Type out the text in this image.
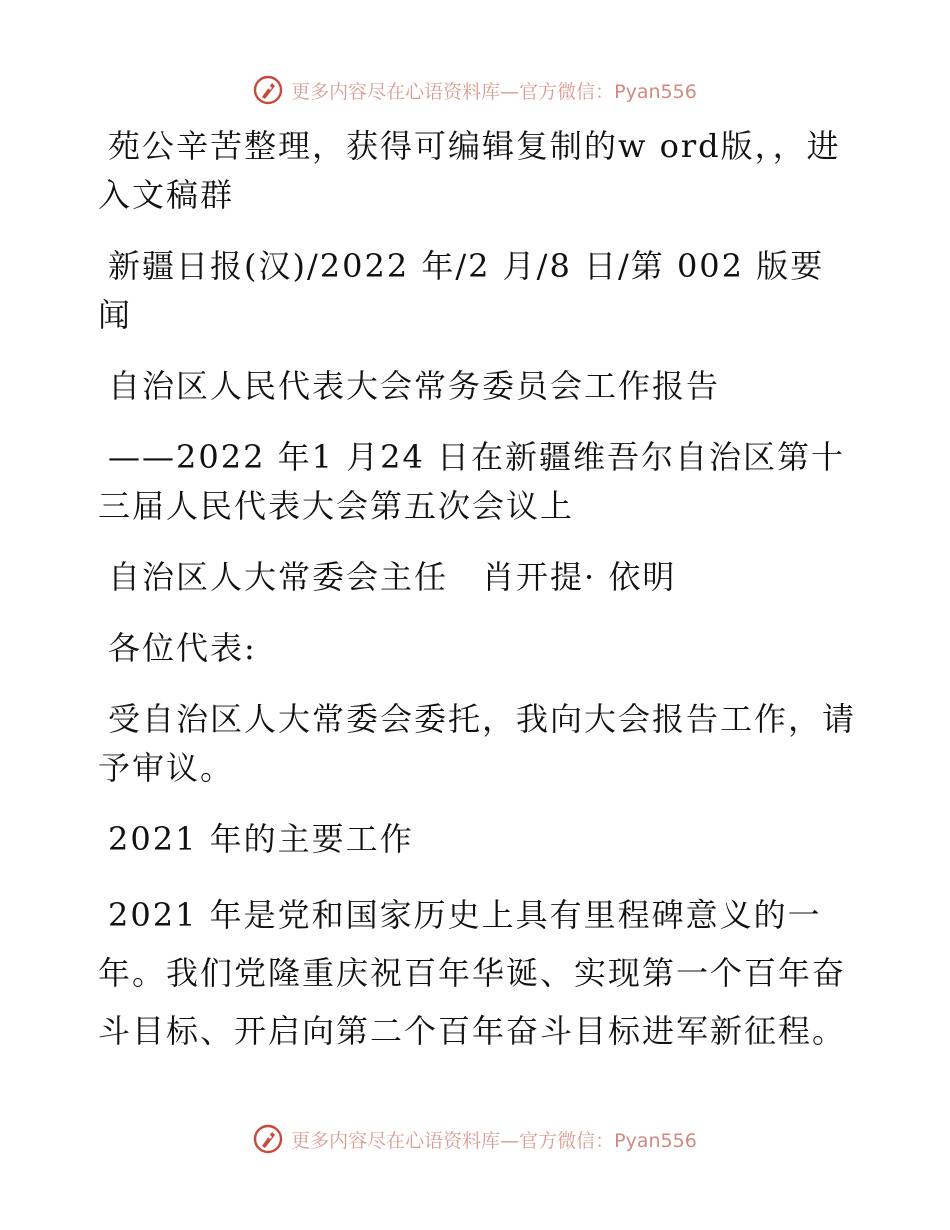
更多内容尽在心语资料库—官方微信：Pyan556

苑公辛苦整理，获得可编辑复制的w ord版，，进入文稿群

新疆日报(汉)/2022 年/2 月/8 日/第 002 版要闻

自治区人民代表大会常务委员会工作报告

——2022 年1 月24 日在新疆维吾尔自治区第十三届人民代表大会第五次会议上

自治区人大常委会主任　肖开提· 依明

各位代表:

受自治区人大常委会委托，我向大会报告工作，请予审议。

2021 年的主要工作

2021 年是党和国家历史上具有里程碑意义的一年。我们党隆重庆祝百年华诞、实现第一个百年奋斗目标、开启向第二个百年奋斗目标进军新征程。

更多内容尽在心语资料库—官方微信：Pyan556
